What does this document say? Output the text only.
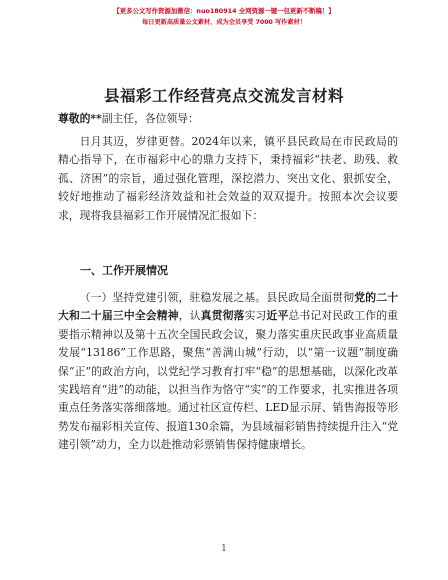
【更多公文写作资源加微信：nuo180914 全网资源一键一包更新不断稿！】
每日更新高质量公文素材，成为会员享受 7000 写作素材！
县福彩工作经营亮点交流发言材料
尊敬的**副主任，各位领导：
日月其迈，岁律更替。2024年以来，镇平县民政局在市民政局的精心指导下，在市福彩中心的鼎力支持下，秉持福彩“扶老、助残、救孤、济困”的宗旨，通过强化管理，深挖潜力、突出文化、狠抓安全，较好地推动了福彩经济效益和社会效益的双双提升。按照本次会议要求，现将我县福彩工作开展情况汇报如下：
一、工作开展情况
（一）坚持党建引领，驻稳发展之基。县民政局全面贯彻党的二十大和二十届三中全会精神，认真贯彻落实习近平总书记对民政工作的重要指示精神以及第十五次全国民政会议，聚力落实重庆民政事业高质量发展“13186”工作思路，聚焦“善满山城”行动，以“第一议题”制度确保“正”的政治方向，以党纪学习教育打牢“稳”的思想基础，以深化改革实践培育“进”的动能，以担当作为恪守“实”的工作要求，扎实推进各项重点任务落实落细落地。通过社区宣传栏、LED显示屏、销售海报等形势发布福彩相关宣传、报道130余篇，为县域福彩销售持续提升注入“党建引领”动力，全力以赴推动彩票销售保持健康增长。
1
